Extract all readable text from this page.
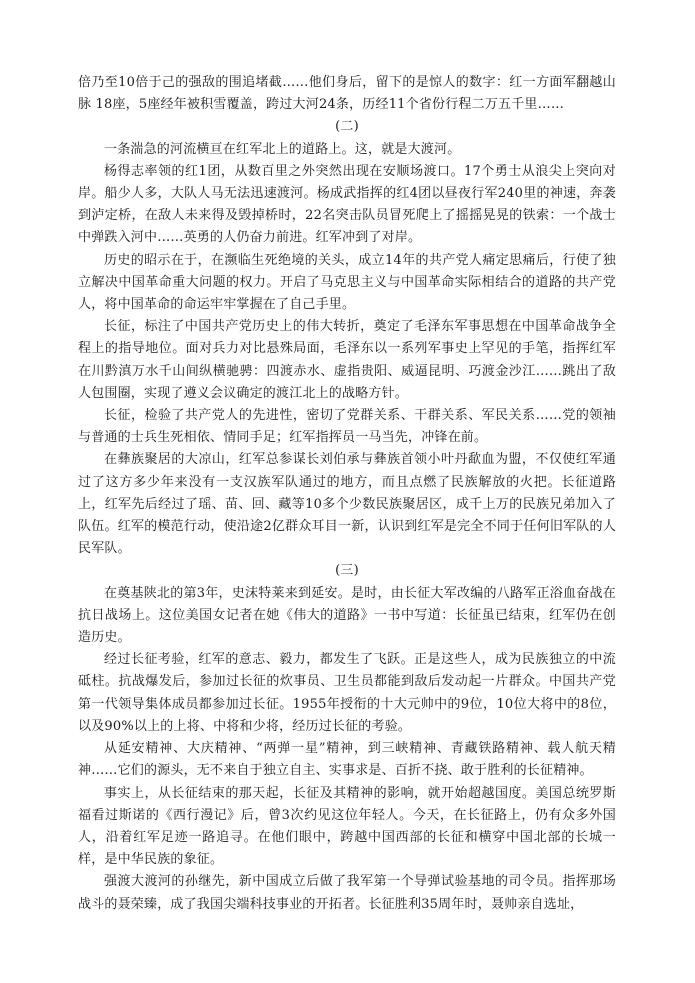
倍乃至10倍于己的强敌的围追堵截……他们身后，留下的是惊人的数字：红一方面军翻越山脉 18座，5座经年被积雪覆盖，跨过大河24条，历经11个省份行程二万五千里……

(二)

一条湍急的河流横亘在红军北上的道路上。这，就是大渡河。

杨得志率领的红1团，从数百里之外突然出现在安顺场渡口。17个勇士从浪尖上突向对岸。船少人多，大队人马无法迅速渡河。杨成武指挥的红4团以昼夜行军240里的神速，奔袭到泸定桥，在敌人未来得及毁掉桥时，22名突击队员冒死爬上了摇摇晃晃的铁索：一个战士中弹跌入河中……英勇的人仍奋力前进。红军冲到了对岸。

历史的昭示在于，在濒临生死绝境的关头，成立14年的共产党人痛定思痛后，行使了独立解决中国革命重大问题的权力。开启了马克思主义与中国革命实际相结合的道路的共产党人，将中国革命的命运牢牢掌握在了自己手里。

长征，标注了中国共产党历史上的伟大转折，奠定了毛泽东军事思想在中国革命战争全程上的指导地位。面对兵力对比悬殊局面，毛泽东以一系列军事史上罕见的手笔，指挥红军在川黔滇万水千山间纵横驰骋：四渡赤水、虚指贵阳、威逼昆明、巧渡金沙江……跳出了敌人包围圈，实现了遵义会议确定的渡江北上的战略方针。

长征，检验了共产党人的先进性，密切了党群关系、干群关系、军民关系……党的领袖与普通的士兵生死相依、情同手足；红军指挥员一马当先，冲锋在前。

在彝族聚居的大凉山，红军总参谋长刘伯承与彝族首领小叶丹歃血为盟，不仅使红军通过了这方多少年来没有一支汉族军队通过的地方，而且点燃了民族解放的火把。长征道路上，红军先后经过了瑶、苗、回、藏等10多个少数民族聚居区，成千上万的民族兄弟加入了队伍。红军的模范行动，使沿途2亿群众耳目一新，认识到红军是完全不同于任何旧军队的人民军队。

(三)

在奠基陕北的第3年，史沫特莱来到延安。是时，由长征大军改编的八路军正浴血奋战在抗日战场上。这位美国女记者在她《伟大的道路》一书中写道：长征虽已结束，红军仍在创造历史。

经过长征考验，红军的意志、毅力，都发生了飞跃。正是这些人，成为民族独立的中流砥柱。抗战爆发后，参加过长征的炊事员、卫生员都能到敌后发动起一片群众。中国共产党第一代领导集体成员都参加过长征。1955年授衔的十大元帅中的9位，10位大将中的8位，以及90%以上的上将、中将和少将，经历过长征的考验。

从延安精神、大庆精神、“两弹一星”精神，到三峡精神、青藏铁路精神、载人航天精神……它们的源头，无不来自于独立自主、实事求是、百折不挠、敢于胜利的长征精神。

事实上，从长征结束的那天起，长征及其精神的影响，就开始超越国度。美国总统罗斯福看过斯诺的《西行漫记》后，曾3次约见这位年轻人。今天，在长征路上，仍有众多外国人，沿着红军足迹一路追寻。在他们眼中，跨越中国西部的长征和横穿中国北部的长城一样，是中华民族的象征。

强渡大渡河的孙继先，新中国成立后做了我军第一个导弹试验基地的司令员。指挥那场战斗的聂荣臻，成了我国尖端科技事业的开拓者。长征胜利35周年时，聂帅亲自选址，
